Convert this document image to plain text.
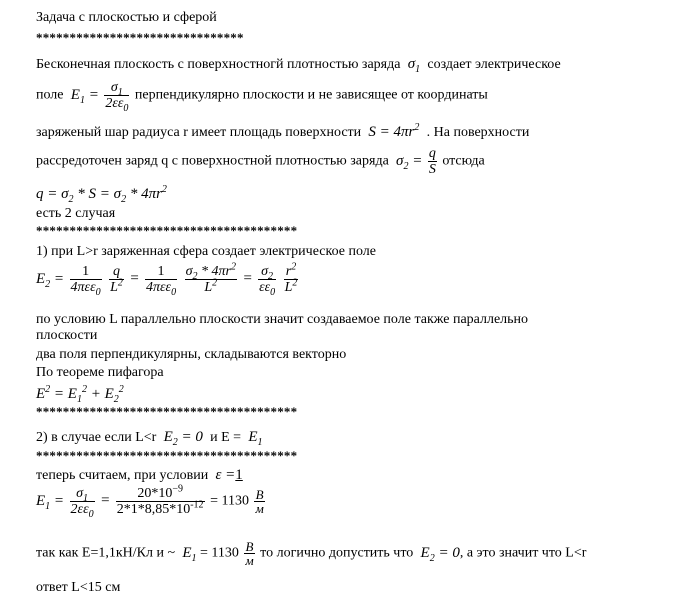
Задача с плоскостью и сферой
*******************************
Бесконечная плоскость с поверхностногй плотностью заряда  $\sigma_1$ создает электрическое
поле  $E_1 = \frac{\sigma_1}{2\varepsilon\varepsilon_0}$ перпендикулярно плоскости и не зависящее от координаты
заряженый шар радиуса r имеет площадь поверхности  $S = 4\pi r^2$ . На поверхности
рассредоточен заряд q с поверхностной плотностью заряда  $\sigma_2 = \frac{q}{S}$ отсюда
$q = \sigma_2 * S = \sigma_2 * 4\pi r^2$
есть 2 случая
***************************************
1) при L>r заряженная сфера создает электрическое поле
$E_2 = \frac{1}{4\pi\varepsilon\varepsilon_0}$
$\frac{q}{L^2} = \frac{1}{4\pi\varepsilon\varepsilon_0}$
$\frac{\sigma_2 * 4\pi r^2}{L^2} = \frac{\sigma_2}{\varepsilon\varepsilon_0}$
$\frac{r^2}{L^2}$
по условию L параллельно плоскости значит создаваемое поле также параллельно
плоскости
два поля перпендикулярны, складываются векторно
По теореме пифагора
$E^2 = E_1^2 + E_2^2$
***************************************
2) в случае если L<r  $E_2 = 0$  и $E = E_1$
***************************************
теперь считаем, при условии  ε =1
$E_1 = \frac{\sigma_1}{2\varepsilon\varepsilon_0} = \frac{20*10^{-9}}{2*1*8,85*10^{-12}} = 1130 \frac{В}{м}$
так как E=1,1кН/Кл и ~  $E_1 = 1130 \frac{В}{м}$ то логично допустить что  $E_2 = 0$, а это значит что L<r
ответ L<15 см
